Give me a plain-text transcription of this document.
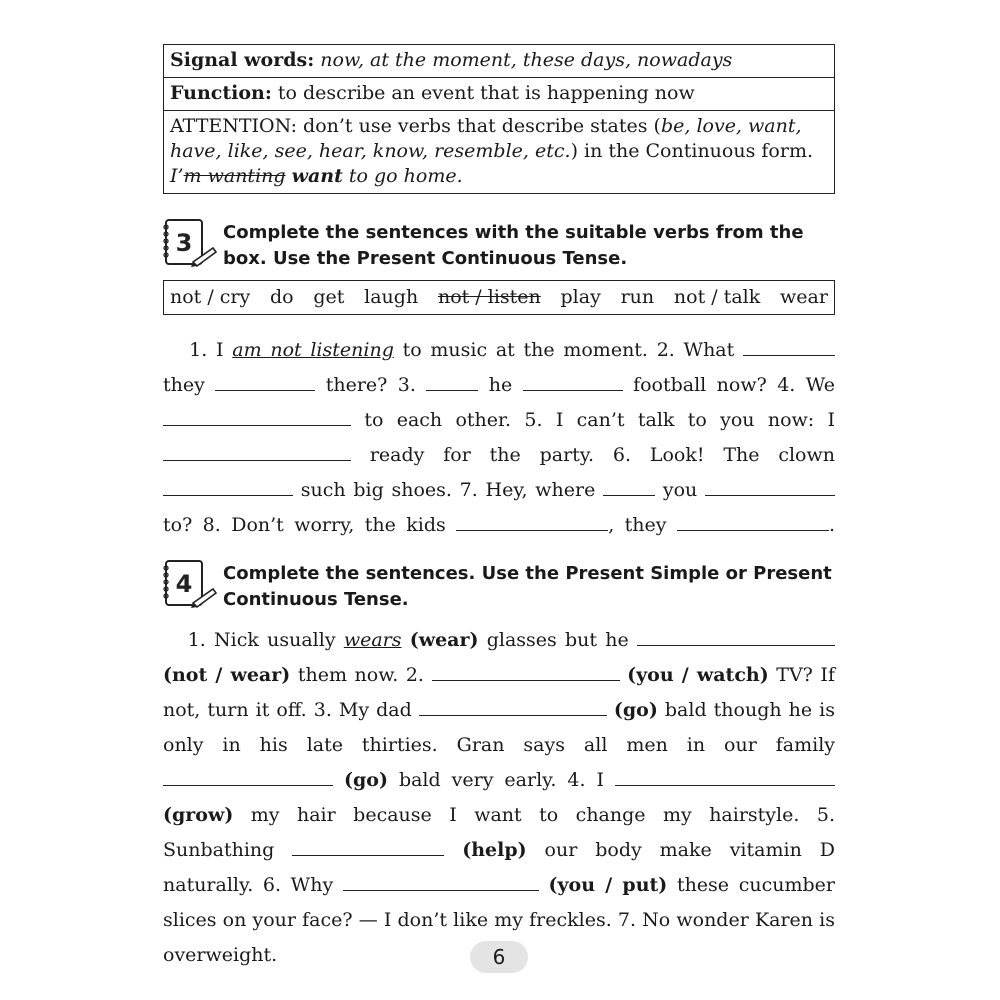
Signal words: now, at the moment, these days, nowadays
Function: to describe an event that is happening now
ATTENTION: don’t use verbs that describe states (be, love, want, have, like, see, hear, know, resemble, etc.) in the Continuous form.
I’m wanting want to go home.
3 Complete the sentences with the suitable verbs from the box. Use the Present Continuous Tense.
not / cry do get laugh not / listen play run not / talk wear
1. I am not listening to music at the moment. 2. What  they	there? 3.	he	football now? 4. We  to each other. 5. I can’t talk to you now: I  ready for the party. 6. Look! The clown  such big shoes. 7. Hey, where	you  to? 8. Don’t worry, the kids	, they	.
4 Complete the sentences. Use the Present Simple or Present Continuous Tense.
1. Nick usually wears (wear) glasses but he  (not / wear) them now. 2.	(you / watch) TV? If not, turn it off. 3. My dad	(go) bald though he is only in his late thirties. Gran says all men in our family  (go) bald very early. 4. I  (grow) my hair because I want to change my hairstyle. 5. Sunbathing	(help) our body make vitamin D naturally. 6. Why	(you / put) these cucumber slices on your face? — I don’t like my freckles. 7. No wonder Karen is overweight.	6
